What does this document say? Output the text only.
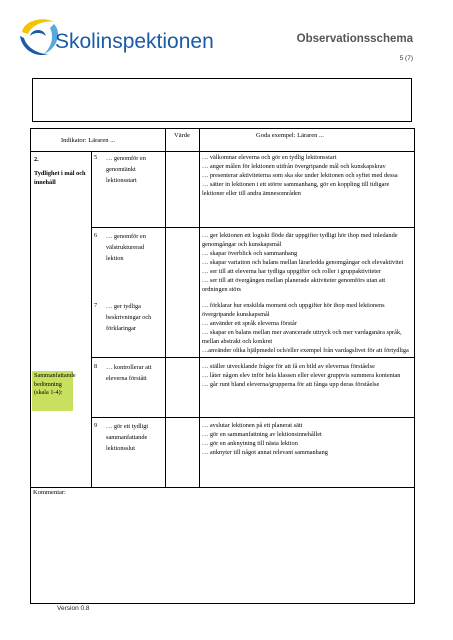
Skolinspektionen	Observationsschema
5 (7)
Indikator: Läraren ...
Värde	Goda exempel: Läraren ...
2.
Tydlighet i mål och innehåll
5 … genomför en genomtänkt lektionsstart
… välkomnar eleverna och gör en tydlig lektionsstart
… anger målen för lektionen utifrån övergripande mål och kunskapskrav
… presenterar aktiviteterna som ska ske under lektionen och syftet med dessa
… sätter in lektionen i ett större sammanhang, gör en koppling till tidigare lektioner eller till andra ämnesområden
6 … genomför en välstrukturerad lektion
… ger lektionen ett logiskt flöde där uppgifter tydligt hör ihop med inledande genomgångar och kunskapsmål
… skapar överblick och sammanhang
… skapar variation och balans mellan lärarledda genomgångar och elevaktivitet
… ser till att eleverna har tydliga uppgifter och roller i gruppaktiviteter
… ser till att övergången mellan planerade aktiviteter genomförs utan att ordningen störs
7 … ger tydliga beskrivningar och förklaringar
… förklarar hur enskilda moment och uppgifter hör ihop med lektionens övergripande kunskapsmål
… använder ett språk eleverna förstår
… skapar en balans mellan mer avancerade uttryck och mer vardagsnära språk, mellan abstrakt och konkret
…använder olika hjälpmedel och/eller exempel från vardagslivet för att förtydliga
8 … kontrollerar att eleverna förstått
… ställer utvecklande frågor för att få en bild av elevernas förståelse
… låter någon elev inför hela klassen eller elever gruppvis summera kontentan
… går runt bland eleverna/grupperna för att fånga upp deras förståelse
9 … gör ett tydligt sammanfattande lektionsslut
… avslutar lektionen på ett planerat sätt
… gör en sammanfattning av lektionsinnehållet
… gör en anknytning till nästa lektion
… anknyter till något annat relevant sammanhang
Sammanfattande bedömning (skala 1-4):
Kommentar:
Version 0.8
